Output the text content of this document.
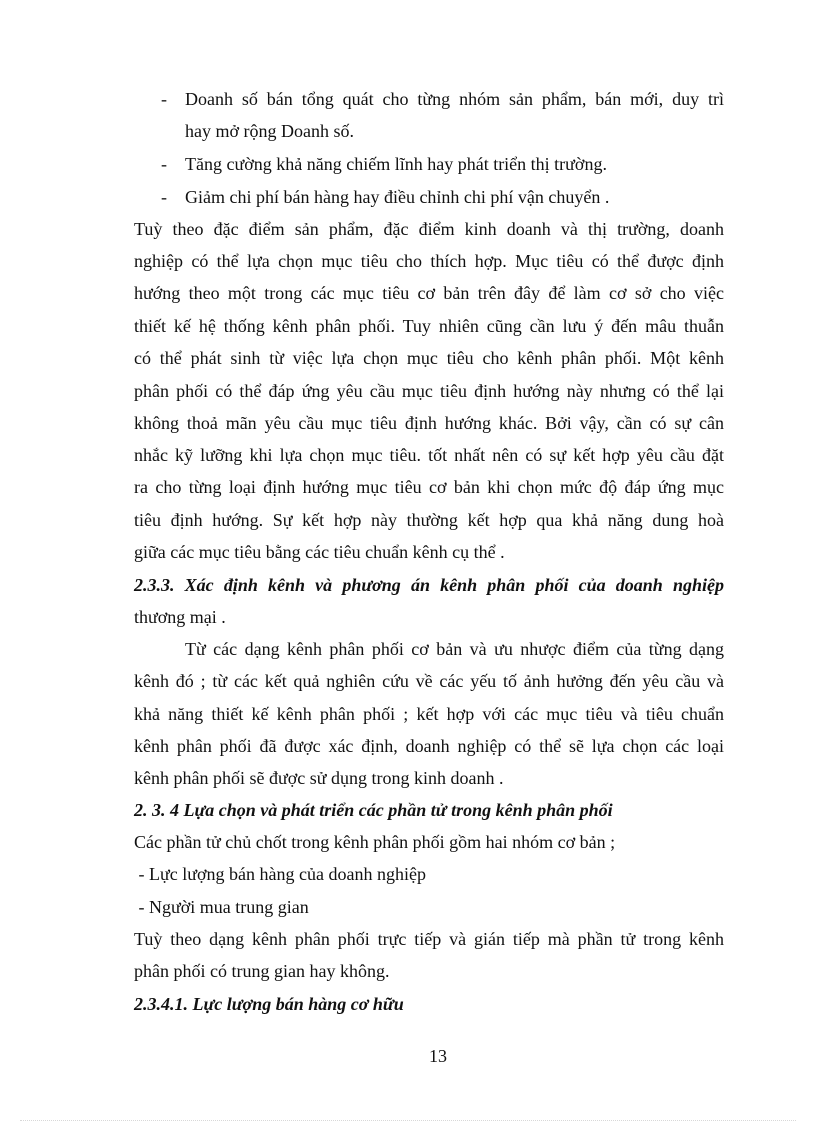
- Doanh số bán tổng quát cho từng nhóm sản phẩm, bán mới, duy trì
hay mở rộng Doanh số.
- Tăng cường khả năng chiếm lĩnh hay phát triển thị trường.
- Giảm chi phí bán hàng hay điều chỉnh chi phí vận chuyển .
Tuỳ theo đặc điểm sản phẩm, đặc điểm kinh doanh và thị trường, doanh
nghiệp có thể lựa chọn mục tiêu cho thích hợp. Mục tiêu có thể được định
hướng theo một trong các mục tiêu cơ bản trên đây để làm cơ sở cho việc
thiết kế hệ thống kênh phân phối. Tuy nhiên cũng cần lưu ý đến mâu thuẫn
có thể phát sinh từ việc lựa chọn mục tiêu cho kênh phân phối. Một kênh
phân phối có thể đáp ứng yêu cầu mục tiêu định hướng này nhưng có thể lại
không thoả mãn yêu cầu mục tiêu định hướng khác. Bởi vậy, cần có sự cân
nhắc kỹ lưỡng khi lựa chọn mục tiêu. tốt nhất nên có sự kết hợp yêu cầu đặt
ra cho từng loại định hướng mục tiêu cơ bản khi chọn mức độ đáp ứng mục
tiêu định hướng. Sự kết hợp này thường kết hợp qua khả năng dung hoà
giữa các mục tiêu bằng các tiêu chuẩn kênh cụ thể .
2.3.3. Xác định kênh và phương án kênh phân phối của doanh nghiệp
thương mại .
Từ các dạng kênh phân phối cơ bản và ưu nhược điểm của từng dạng
kênh đó ; từ các kết quả nghiên cứu về các yếu tố ảnh hưởng đến yêu cầu và
khả năng thiết kế kênh phân phối ; kết hợp với các mục tiêu và tiêu chuẩn
kênh phân phối đã được xác định, doanh nghiệp có thể sẽ lựa chọn các loại
kênh phân phối sẽ được sử dụng trong kinh doanh .
2. 3. 4 Lựa chọn và phát triển các phần tử trong kênh phân phối
Các phần tử chủ chốt trong kênh phân phối gồm hai nhóm cơ bản ;
- Lực lượng bán hàng của doanh nghiệp
- Người mua trung gian
Tuỳ theo dạng kênh phân phối trực tiếp và gián tiếp mà phần tử trong kênh
phân phối có trung gian hay không.
2.3.4.1. Lực lượng bán hàng cơ hữu
13
